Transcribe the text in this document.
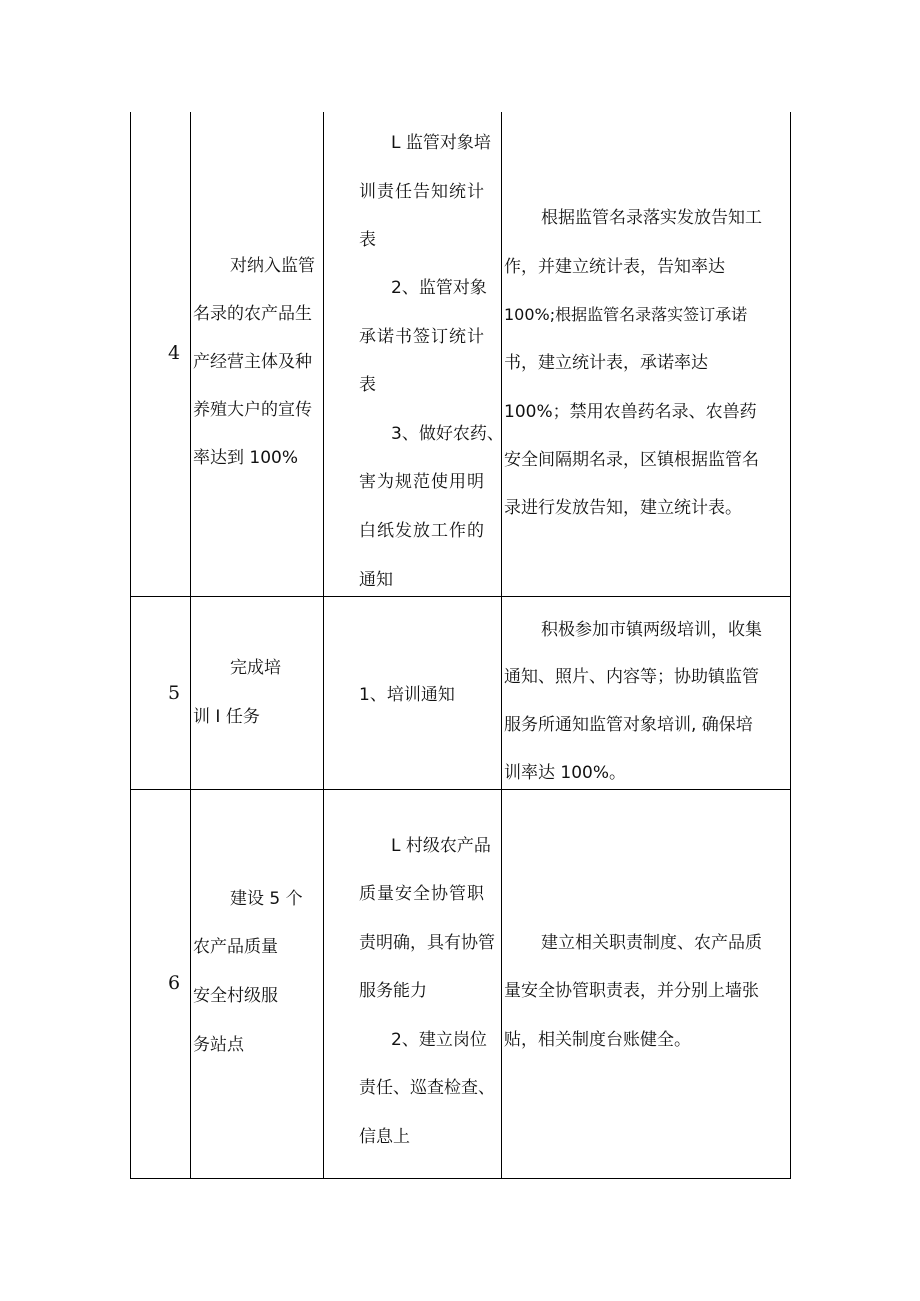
4
对纳入监管
名录的农产品生
产经营主体及种
养殖大户的宣传
率达到 100%
L 监管对象培
训责任告知统计
表
2、监管对象
承诺书签订统计
表
3、做好农药、
害为规范使用明
白纸发放工作的
通知
根据监管名录落实发放告知工
作，并建立统计表，告知率达
100%;根据监管名录落实签订承诺
书，建立统计表，承诺率达
100%；禁用农兽药名录、农兽药
安全间隔期名录，区镇根据监管名
录进行发放告知，建立统计表。
5
完成培
训 I 任务
1、培训通知
积极参加市镇两级培训，收集
通知、照片、内容等；协助镇监管
服务所通知监管对象培训, 确保培
训率达 100%。
6
建设 5 个
农产品质量
安全村级服
务站点
L 村级农产品
质量安全协管职
责明确，具有协管
服务能力
2、建立岗位
责任、巡查检查、
信息上
建立相关职责制度、农产品质
量安全协管职责表，并分别上墙张
贴，相关制度台账健全。
